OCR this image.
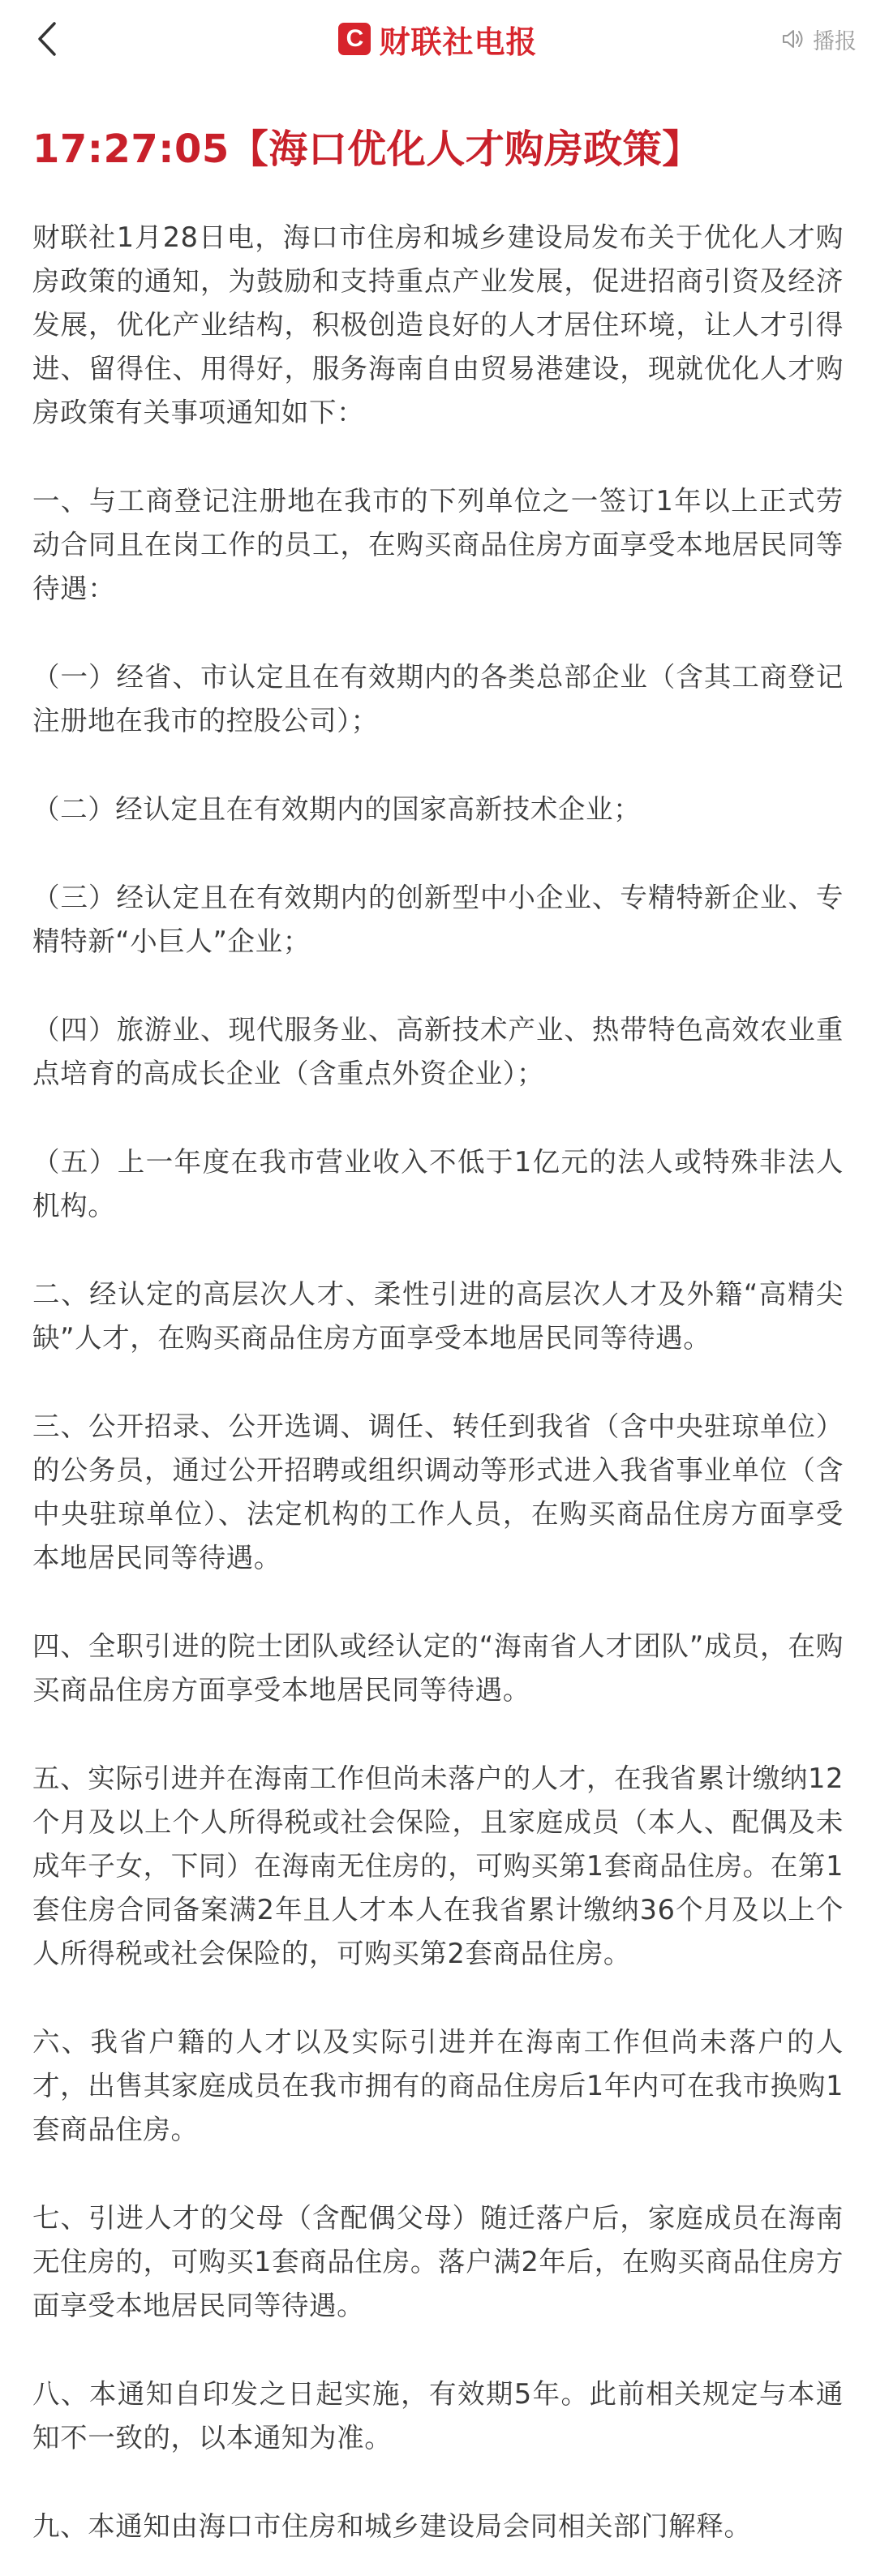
C 财联社电报	播报
17:27:05【海口优化人才购房政策】

财联社1月28日电，海口市住房和城乡建设局发布关于优化人才购房政策的通知，为鼓励和支持重点产业发展，促进招商引资及经济发展，优化产业结构，积极创造良好的人才居住环境，让人才引得进、留得住、用得好，服务海南自由贸易港建设，现就优化人才购房政策有关事项通知如下：

一、与工商登记注册地在我市的下列单位之一签订1年以上正式劳动合同且在岗工作的员工，在购买商品住房方面享受本地居民同等待遇：

（一）经省、市认定且在有效期内的各类总部企业（含其工商登记注册地在我市的控股公司）；

（二）经认定且在有效期内的国家高新技术企业；

（三）经认定且在有效期内的创新型中小企业、专精特新企业、专精特新“小巨人”企业；

（四）旅游业、现代服务业、高新技术产业、热带特色高效农业重点培育的高成长企业（含重点外资企业）；

（五）上一年度在我市营业收入不低于1亿元的法人或特殊非法人机构。

二、经认定的高层次人才、柔性引进的高层次人才及外籍“高精尖缺”人才，在购买商品住房方面享受本地居民同等待遇。

三、公开招录、公开选调、调任、转任到我省（含中央驻琼单位）的公务员，通过公开招聘或组织调动等形式进入我省事业单位（含中央驻琼单位）、法定机构的工作人员，在购买商品住房方面享受本地居民同等待遇。

四、全职引进的院士团队或经认定的“海南省人才团队”成员，在购买商品住房方面享受本地居民同等待遇。

五、实际引进并在海南工作但尚未落户的人才，在我省累计缴纳12个月及以上个人所得税或社会保险，且家庭成员（本人、配偶及未成年子女，下同）在海南无住房的，可购买第1套商品住房。在第1套住房合同备案满2年且人才本人在我省累计缴纳36个月及以上个人所得税或社会保险的，可购买第2套商品住房。

六、我省户籍的人才以及实际引进并在海南工作但尚未落户的人才，出售其家庭成员在我市拥有的商品住房后1年内可在我市换购1套商品住房。

七、引进人才的父母（含配偶父母）随迁落户后，家庭成员在海南无住房的，可购买1套商品住房。落户满2年后，在购买商品住房方面享受本地居民同等待遇。

八、本通知自印发之日起实施，有效期5年。此前相关规定与本通知不一致的，以本通知为准。

九、本通知由海口市住房和城乡建设局会同相关部门解释。
